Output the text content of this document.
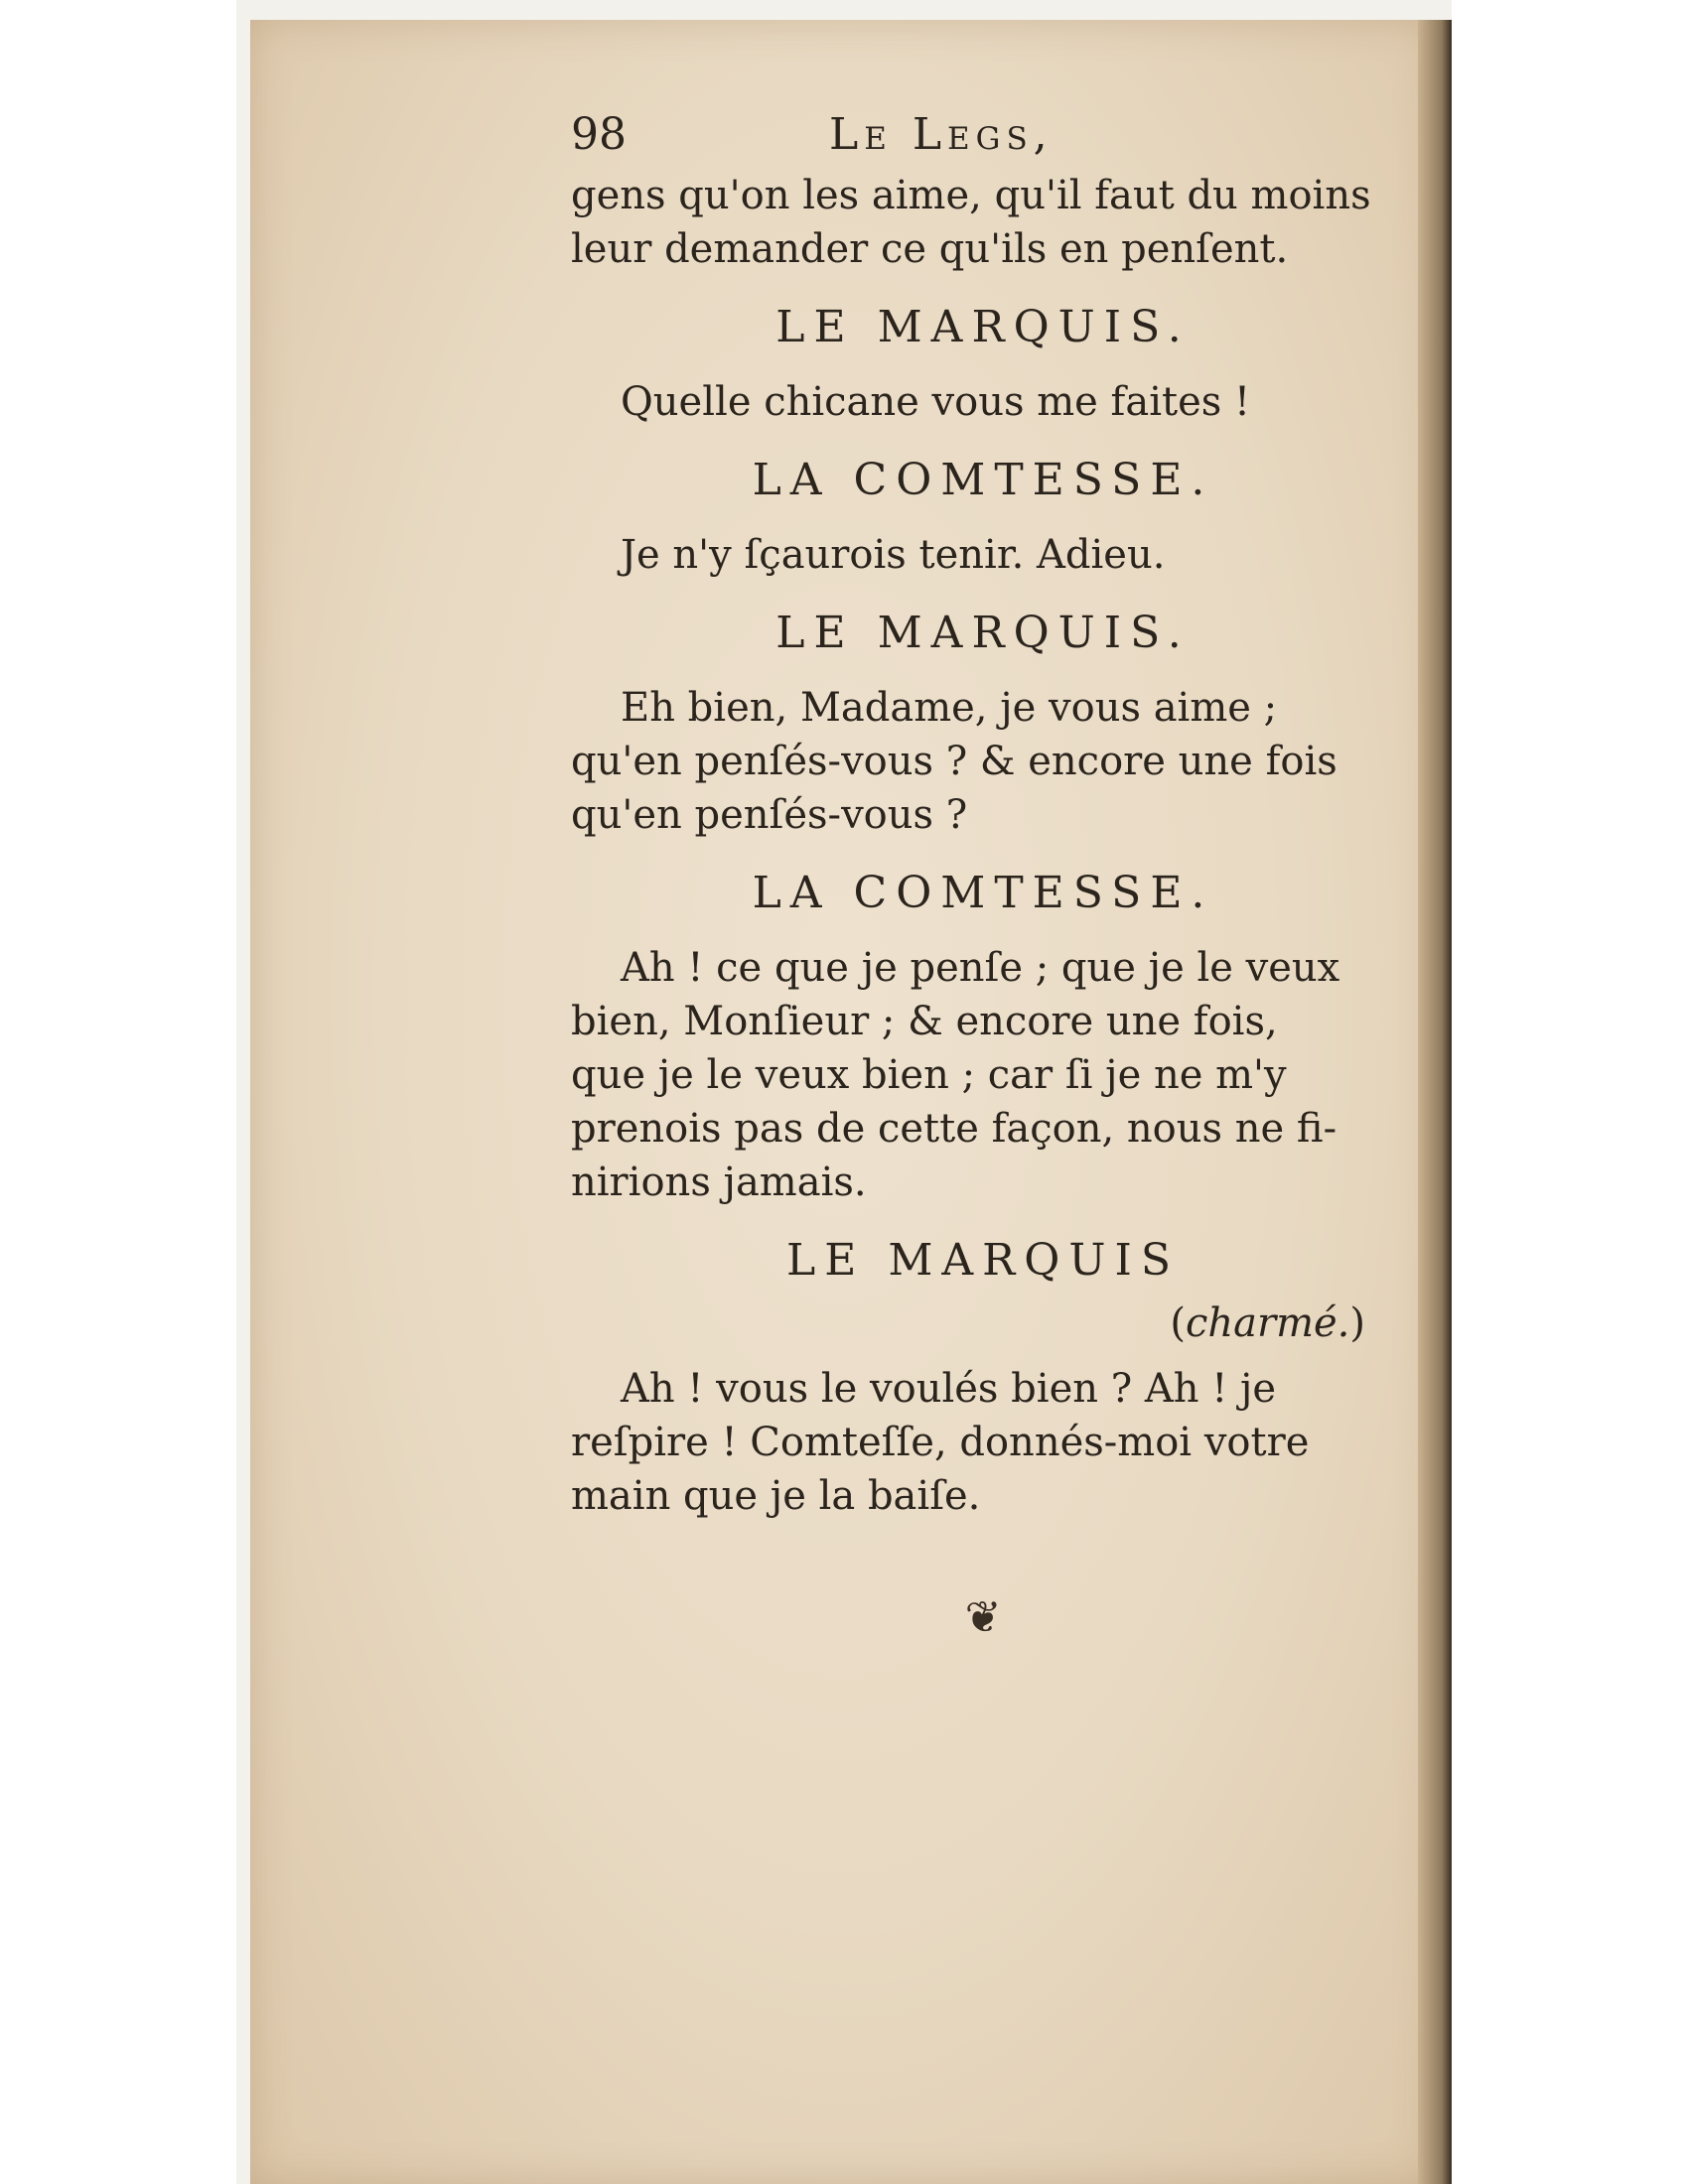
98	Le Legs,
gens qu'on les aime, qu'il faut du moins
leur demander ce qu'ils en penſent.
LE MARQUIS.
Quelle chicane vous me faites !
LA COMTESSE.
Je n'y ſçaurois tenir. Adieu.
LE MARQUIS.
Eh bien, Madame, je vous aime ;
qu'en penſés-vous ? & encore une fois
qu'en penſés-vous ?
LA COMTESSE.
Ah ! ce que je penſe ; que je le veux
bien, Monſieur ; & encore une fois,
que je le veux bien ; car ſi je ne m'y
prenois pas de cette façon, nous ne fi-
nirions jamais.
LE MARQUIS
(charmé.)
Ah ! vous le voulés bien ? Ah ! je
reſpire ! Comteſſe, donnés-moi votre
main que je la baiſe.
❦
